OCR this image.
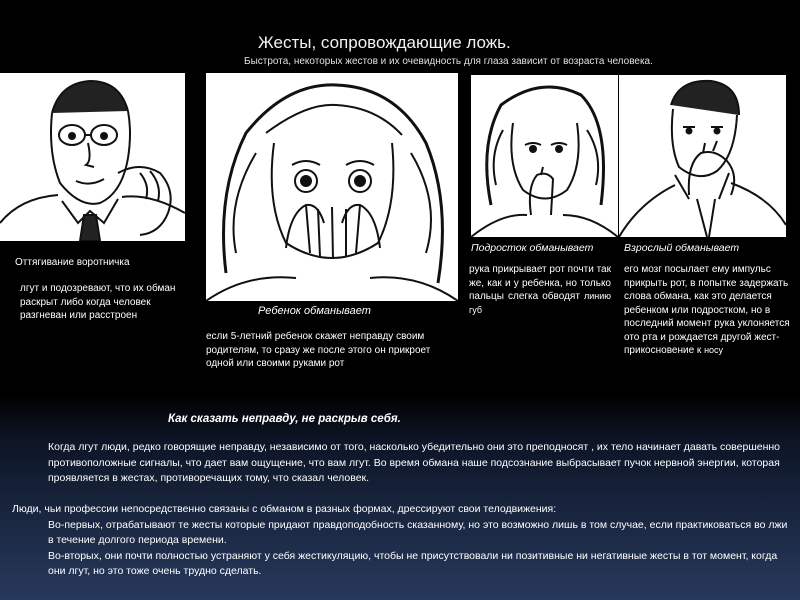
Жесты, сопровождающие ложь.
Быстрота, некоторых жестов и их очевидность для глаза зависит от возраста человека.
Оттягивание воротничка
лгут и подозревают, что их обман раскрыт либо когда человек разгневан или расстроен	Ребенок обманывает
если 5-летний ребенок скажет неправду своим родителям, то сразу же после этого он прикроет одной или своими руками рот
Подросток обманывает
рука прикрывает рот почти так же, как и у ребенка, но только пальцы слегка обводят линию губ
Взрослый обманывает
его мозг посылает ему импульс прикрыть рот, в попытке задержать слова обмана, как это делается ребенком или подростком, но в последний момент рука уклоняется ото рта и рождается другой жест- прикосновение к носу
Как сказать неправду, не раскрыв себя.

Когда лгут люди, редко говорящие неправду, независимо от того, насколько убедительно они это преподносят , их тело начинает давать совершенно противоположные сигналы, что дает вам ощущение, что вам лгут. Во время обмана наше подсознание выбрасывает пучок нервной энергии, которая проявляется в жестах, противоречащих тому, что сказал человек.

Люди, чьи профессии непосредственно связаны с обманом в разных формах, дрессируют свои телодвижения:

Во-первых, отрабатывают те жесты которые придают правдоподобность сказанному, но это возможно лишь в том случае, если практиковаться во лжи в течение долгого периода времени.

Во-вторых, они почти полностью устраняют у себя жестикуляцию, чтобы не присутствовали ни позитивные ни негативные жесты в тот момент, когда они лгут, но это тоже очень трудно сделать.
